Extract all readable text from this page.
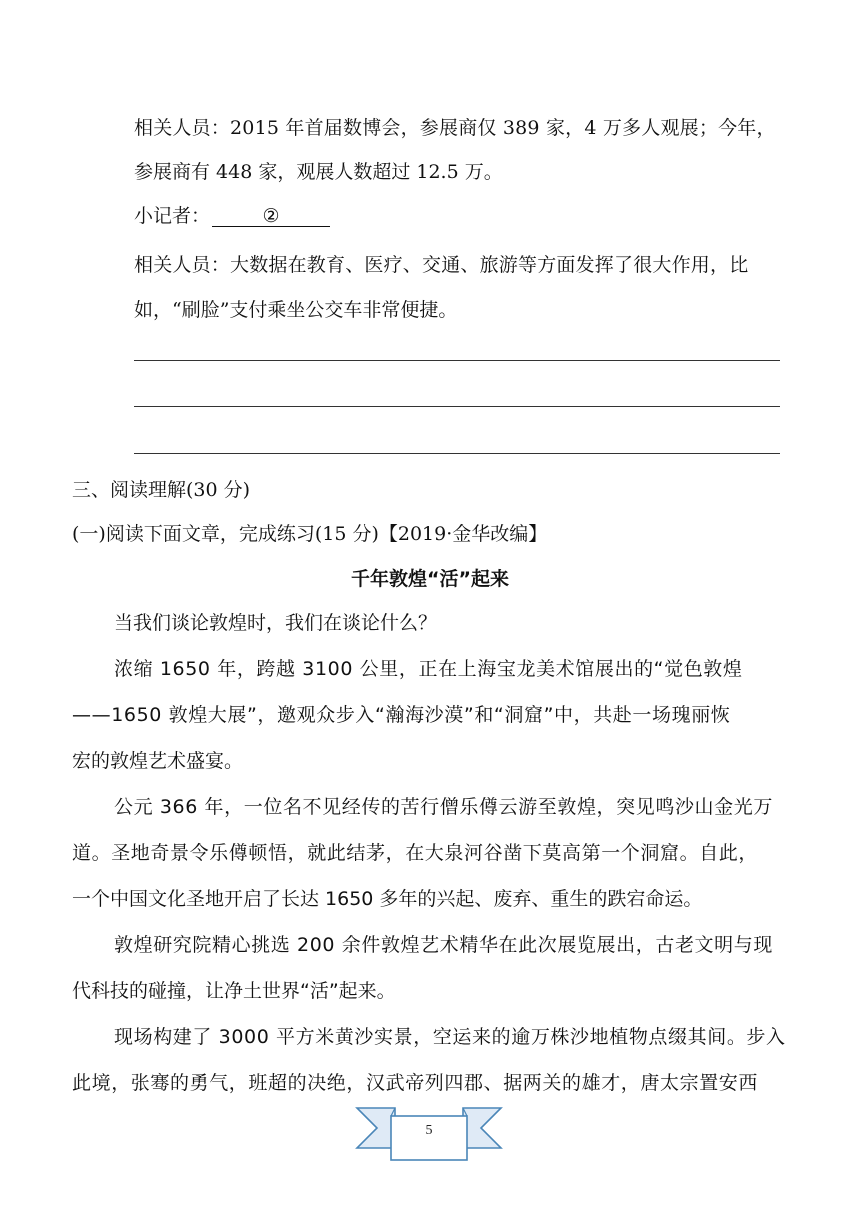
相关人员：2015 年首届数博会，参展商仅 389 家，4 万多人观展；今年，

参展商有 448 家，观展人数超过 12.5 万。

小记者：	②

相关人员：大数据在教育、医疗、交通、旅游等方面发挥了很大作用，比

如，“刷脸”支付乘坐公交车非常便捷。

三、阅读理解(30 分)

(一)阅读下面文章，完成练习(15 分)【2019·金华改编】

千年敦煌“活”起来

当我们谈论敦煌时，我们在谈论什么？

浓缩 1650 年，跨越 3100 公里，正在上海宝龙美术馆展出的“觉色敦煌

——1650 敦煌大展”，邀观众步入“瀚海沙漠”和“洞窟”中，共赴一场瑰丽恢

宏的敦煌艺术盛宴。

公元 366 年，一位名不见经传的苦行僧乐僔云游至敦煌，突见鸣沙山金光万

道。圣地奇景令乐僔顿悟，就此结茅，在大泉河谷凿下莫高第一个洞窟。自此，

一个中国文化圣地开启了长达 1650 多年的兴起、废弃、重生的跌宕命运。

敦煌研究院精心挑选 200 余件敦煌艺术精华在此次展览展出，古老文明与现

代科技的碰撞，让净土世界“活”起来。

现场构建了 3000 平方米黄沙实景，空运来的逾万株沙地植物点缀其间。步入

此境，张骞的勇气，班超的决绝，汉武帝列四郡、据两关的雄才，唐太宗置安西

5
